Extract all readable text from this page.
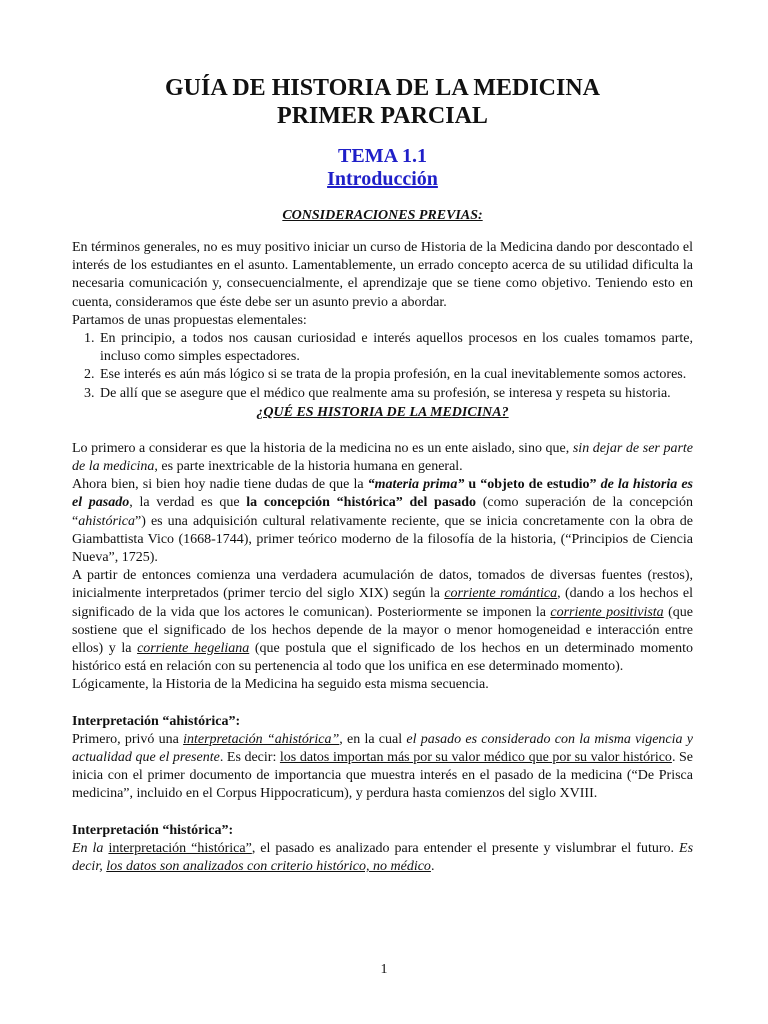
GUÍA DE HISTORIA DE LA MEDICINA
PRIMER PARCIAL
TEMA 1.1
Introducción
CONSIDERACIONES PREVIAS:

En términos generales, no es muy positivo iniciar un curso de Historia de la Medicina dando por descontado el interés de los estudiantes en el asunto. Lamentablemente, un errado concepto acerca de su utilidad dificulta la necesaria comunicación y, consecuencialmente, el aprendizaje que se tiene como objetivo. Teniendo esto en cuenta, consideramos que éste debe ser un asunto previo a abordar.

Partamos de unas propuestas elementales:

1. En principio, a todos nos causan curiosidad e interés aquellos procesos en los cuales tomamos parte, incluso como simples espectadores.
2. Ese interés es aún más lógico si se trata de la propia profesión, en la cual inevitablemente somos actores.
3. De allí que se asegure que el médico que realmente ama su profesión, se interesa y respeta su historia.
¿QUÉ ES HISTORIA DE LA MEDICINA?

Lo primero a considerar es que la historia de la medicina no es un ente aislado, sino que, sin dejar de ser parte de la medicina, es parte inextricable de la historia humana en general.

Ahora bien, si bien hoy nadie tiene dudas de que la “materia prima” u “objeto de estudio” de la historia es el pasado, la verdad es que la concepción “histórica” del pasado (como superación de la concepción “ahistórica”) es una adquisición cultural relativamente reciente, que se inicia concretamente con la obra de Giambattista Vico (1668-1744), primer teórico moderno de la filosofía de la historia, (“Principios de Ciencia Nueva”, 1725).

A partir de entonces comienza una verdadera acumulación de datos, tomados de diversas fuentes (restos), inicialmente interpretados (primer tercio del siglo XIX) según la corriente romántica, (dando a los hechos el significado de la vida que los actores le comunican). Posteriormente se imponen la corriente positivista (que sostiene que el significado de los hechos depende de la mayor o menor homogeneidad e interacción entre ellos) y la corriente hegeliana (que postula que el significado de los hechos en un determinado momento histórico está en relación con su pertenencia al todo que los unifica en ese determinado momento).

Lógicamente, la Historia de la Medicina ha seguido esta misma secuencia.

Interpretación “ahistórica”:

Primero, privó una interpretación “ahistórica”, en la cual el pasado es considerado con la misma vigencia y actualidad que el presente. Es decir: los datos importan más por su valor médico que por su valor histórico. Se inicia con el primer documento de importancia que muestra interés en el pasado de la medicina (“De Prisca medicina”, incluido en el Corpus Hippocraticum), y perdura hasta comienzos del siglo XVIII.

Interpretación “histórica”:

En la interpretación “histórica”, el pasado es analizado para entender el presente y vislumbrar el futuro. Es decir, los datos son analizados con criterio histórico, no médico.

1
